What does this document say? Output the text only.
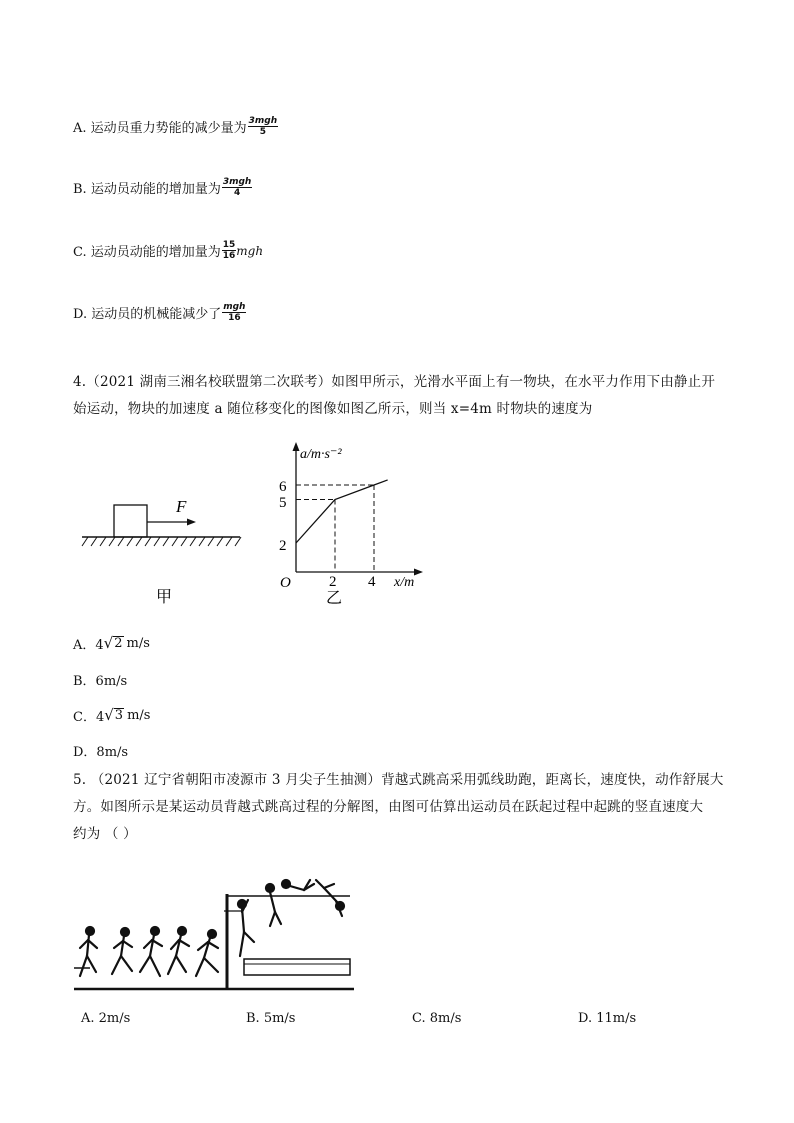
A. 运动员重力势能的减少量为 $\frac{\text{3mgh}}{5}$
B. 运动员动能的增加量为 $\frac{\text{3mgh}}{4}$
C. 运动员动能的增加量为 $\frac{15}{16}$ mgh
D. 运动员的机械能减少了 $\frac{\text{mgh}}{16}$
4.（2021 湖南三湘名校联盟第二次联考）如图甲所示，光滑水平面上有一物块，在水平力作用下由静止开
始运动，物块的加速度 a 随位移变化的图像如图乙所示，则当 x=4m 时物块的速度为
F
甲
a/m·s⁻²
x/m
O
6
5
2
2 4
乙
A．4 √ 2 m/s
B．6m/s
C．4 √ 3 m/s
D．8m/s
5. （2021 辽宁省朝阳市凌源市 3 月尖子生抽测）背越式跳高采用弧线助跑，距离长，速度快，动作舒展大
方。如图所示是某运动员背越式跳高过程的分解图，由图可估算出运动员在跃起过程中起跳的竖直速度大
约为 （ ）
A. 2m/s	B. 5m/s	C. 8m/s	D. 11m/s
